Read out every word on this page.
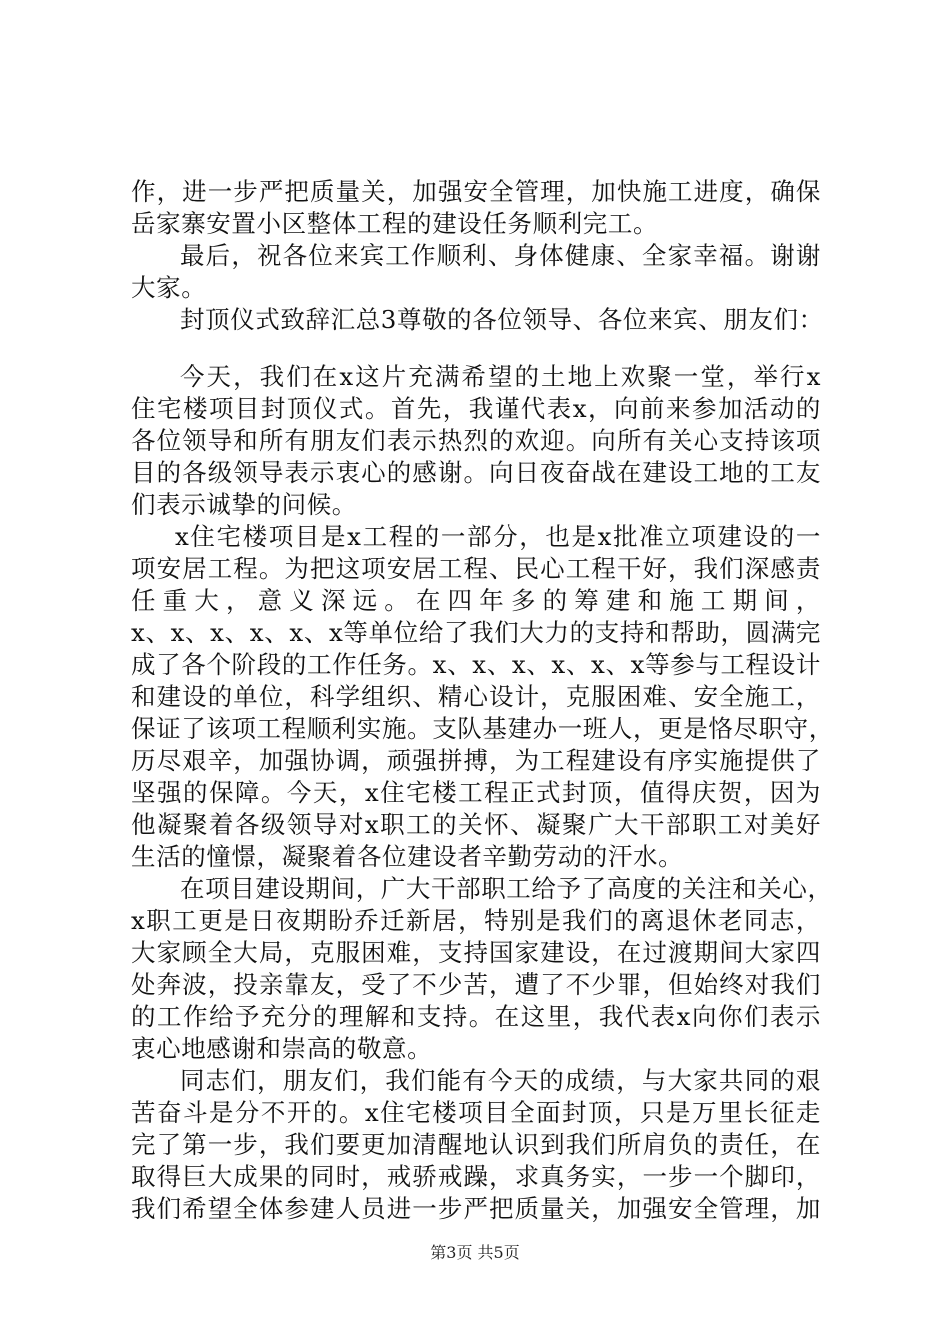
作，进一步严把质量关，加强安全管理，加快施工进度，确保
岳家寨安置小区整体工程的建设任务顺利完工。
最后，祝各位来宾工作顺利、身体健康、全家幸福。谢谢
大家。
封顶仪式致辞汇总3尊敬的各位领导、各位来宾、朋友们：
今天，我们在x这片充满希望的土地上欢聚一堂，举行x
住宅楼项目封顶仪式。首先，我谨代表x，向前来参加活动的
各位领导和所有朋友们表示热烈的欢迎。向所有关心支持该项
目的各级领导表示衷心的感谢。向日夜奋战在建设工地的工友
们表示诚挚的问候。
x住宅楼项目是x工程的一部分，也是x批准立项建设的一
项安居工程。为把这项安居工程、民心工程干好，我们深感责
任重大，意义深远。在四年多的筹建和施工期间，
x、x、x、x、x、x等单位给了我们大力的支持和帮助，圆满完
成了各个阶段的工作任务。x、x、x、x、x、x等参与工程设计
和建设的单位，科学组织、精心设计，克服困难、安全施工，
保证了该项工程顺利实施。支队基建办一班人，更是恪尽职守，
历尽艰辛，加强协调，顽强拼搏，为工程建设有序实施提供了
坚强的保障。今天，x住宅楼工程正式封顶，值得庆贺，因为
他凝聚着各级领导对x职工的关怀、凝聚广大干部职工对美好
生活的憧憬，凝聚着各位建设者辛勤劳动的汗水。
在项目建设期间，广大干部职工给予了高度的关注和关心，
x职工更是日夜期盼乔迁新居，特别是我们的离退休老同志，
大家顾全大局，克服困难，支持国家建设，在过渡期间大家四
处奔波，投亲靠友，受了不少苦，遭了不少罪，但始终对我们
的工作给予充分的理解和支持。在这里，我代表x向你们表示
衷心地感谢和崇高的敬意。
同志们，朋友们，我们能有今天的成绩，与大家共同的艰
苦奋斗是分不开的。x住宅楼项目全面封顶，只是万里长征走
完了第一步，我们要更加清醒地认识到我们所肩负的责任，在
取得巨大成果的同时，戒骄戒躁，求真务实，一步一个脚印，
我们希望全体参建人员进一步严把质量关，加强安全管理，加
第3页 共5页
